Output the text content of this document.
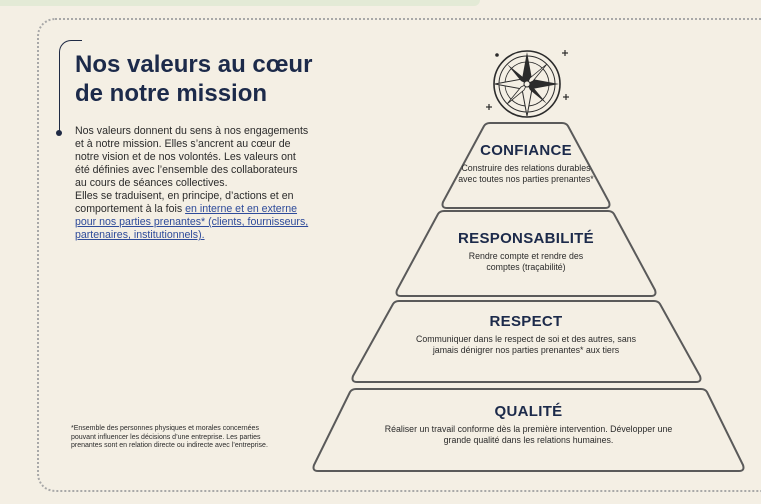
Nos valeurs au cœur de notre mission

Nos valeurs donnent du sens à nos engagements et à notre mission. Elles s’ancrent au cœur de notre vision et de nos volontés. Les valeurs ont été définies avec l’ensemble des collaborateurs au cours de séances collectives.

Elles se traduisent, en principe, d’actions et en comportement à la fois en interne et en externe pour nos parties prenantes* (clients, fournisseurs, partenaires, institutionnels).

*Ensemble des personnes physiques et morales concernées pouvant influencer les décisions d’une entreprise. Les parties prenantes sont en relation directe ou indirecte avec l’entreprise.
CONFIANCE
Construire des relations durables avec toutes nos parties prenantes*
RESPONSABILITÉ
Rendre compte et rendre des comptes (traçabilité)
RESPECT
Communiquer dans le respect de soi et des autres, sans jamais dénigrer nos parties prenantes* aux tiers
QUALITÉ
Réaliser un travail conforme dès la première intervention. Développer une grande qualité dans les relations humaines.
